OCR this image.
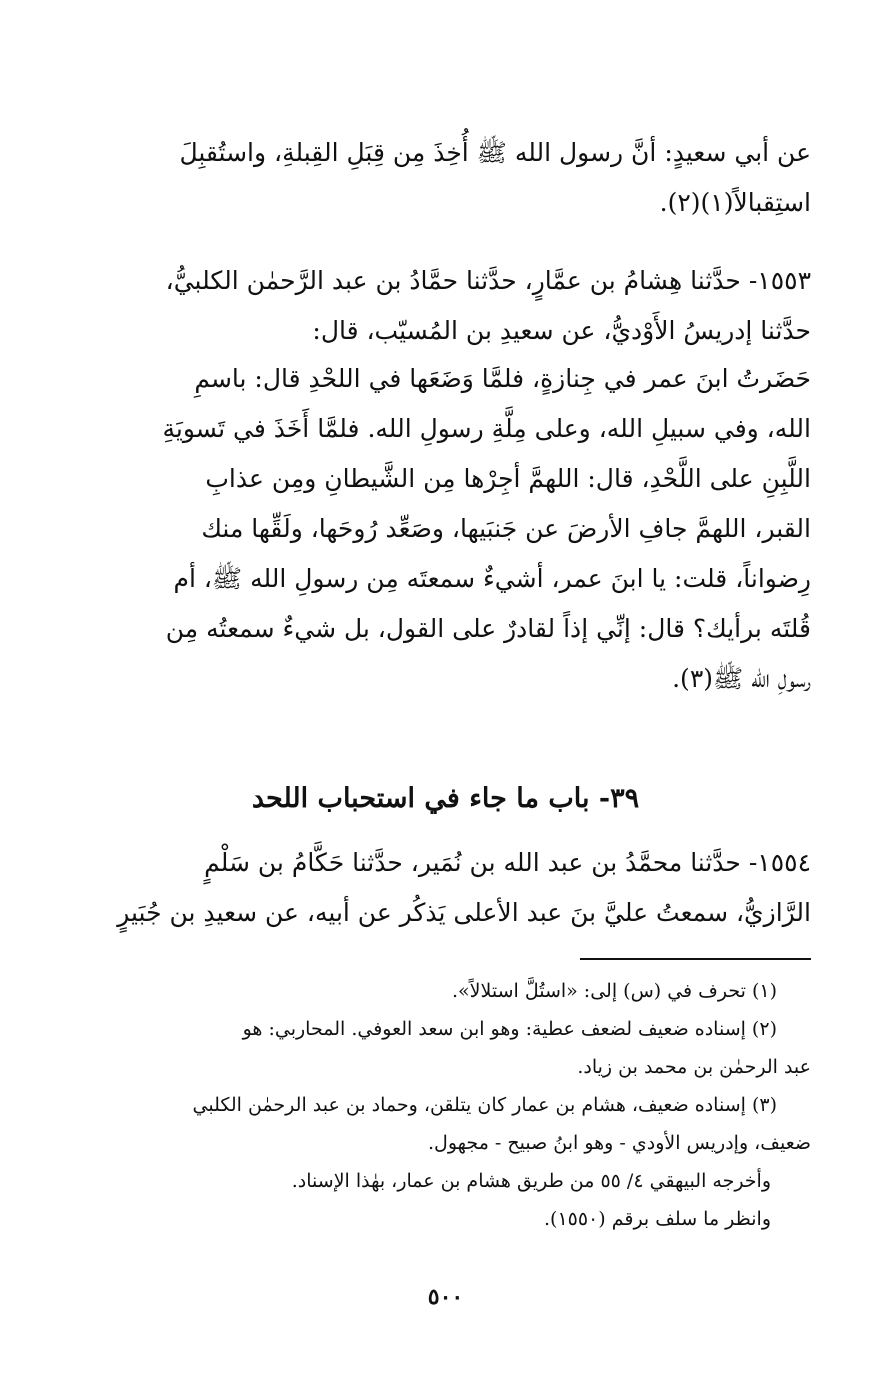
عن أبي سعيدٍ: أنَّ رسول الله ﷺ أُخِذَ مِن قِبَلِ القِبلةِ، واستُقبِلَ
استِقبالاً(١)(٢).
١٥٥٣- حدَّثنا هِشامُ بن عمَّارٍ، حدَّثنا حمَّادُ بن عبد الرَّحمٰن الكلبيُّ،
حدَّثنا إدريسُ الأَوْديُّ، عن سعيدِ بن المُسيّب، قال:
حَضَرتُ ابنَ عمر في جِنازةٍ، فلمَّا وَضَعَها في اللحْدِ قال: باسمِ
الله، وفي سبيلِ الله، وعلى مِلَّةِ رسولِ الله. فلمَّا أَخَذَ في تَسويَةِ
اللَّبِنِ على اللَّحْدِ، قال: اللهمَّ أجِرْها مِن الشَّيطانِ ومِن عذابِ
القبر، اللهمَّ جافِ الأرضَ عن جَنبَيها، وصَعِّد رُوحَها، ولَقِّها منك
رِضواناً، قلت: يا ابنَ عمر، أشيءٌ سمعتَه مِن رسولِ الله ﷺ، أم
قُلتَه برأيك؟ قال: إنِّي إذاً لقادرٌ على القول، بل شيءٌ سمعتُه مِن
رسولِ الله ﷺ(٣).
٣٩- باب ما جاء في استحباب اللحد
١٥٥٤- حدَّثنا محمَّدُ بن عبد الله بن نُمَير، حدَّثنا حَكَّامُ بن سَلْمٍ
الرَّازيُّ، سمعتُ عليَّ بنَ عبد الأعلى يَذكُر عن أبيه، عن سعيدِ بن جُبَيرٍ
(١) تحرف في (س) إلى: «استُلَّ استلالاً».
(٢) إسناده ضعيف لضعف عطية: وهو ابن سعد العوفي. المحاربي: هو
عبد الرحمٰن بن محمد بن زياد.
(٣) إسناده ضعيف، هشام بن عمار كان يتلقن، وحماد بن عبد الرحمٰن الكلبي
ضعيف، وإدريس الأودي - وهو ابنُ صبيح - مجهول.
وأخرجه البيهقي ٤/ ٥٥ من طريق هشام بن عمار، بهٰذا الإسناد.
وانظر ما سلف برقم (١٥٥٠).
٥٠٠
